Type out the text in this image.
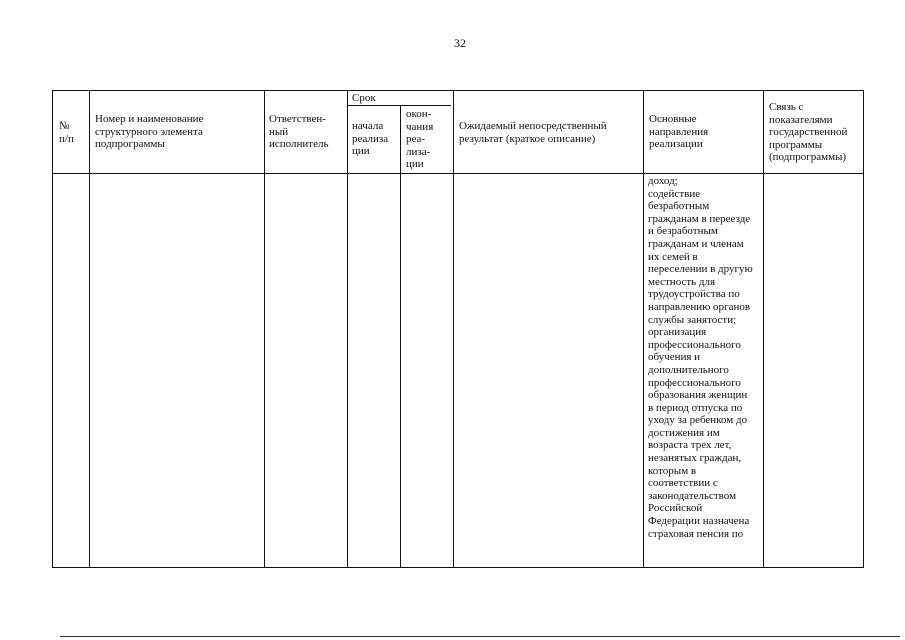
32
№
п/п
Номер и наименование
структурного элемента
подпрограммы
Ответствен-
ный
исполнитель
Срок
начала
реализа
ции
окон-
чания
реа-
лиза-
ции
Ожидаемый непосредственный
результат (краткое описание)
Основные
направления
реализации
Связь с
показателями
государственной
программы
(подпрограммы)
доход;
содействие
безработным
гражданам в переезде
и безработным
гражданам и членам
их семей в
переселении в другую
местность для
трудоустройства по
направлению органов
службы занятости;
организация
профессионального
обучения и
дополнительного
профессионального
образования женщин
в период отпуска по
уходу за ребенком до
достижения им
возраста трех лет,
незанятых граждан,
которым в
соответствии с
законодательством
Российской
Федерации назначена
страховая пенсия по
